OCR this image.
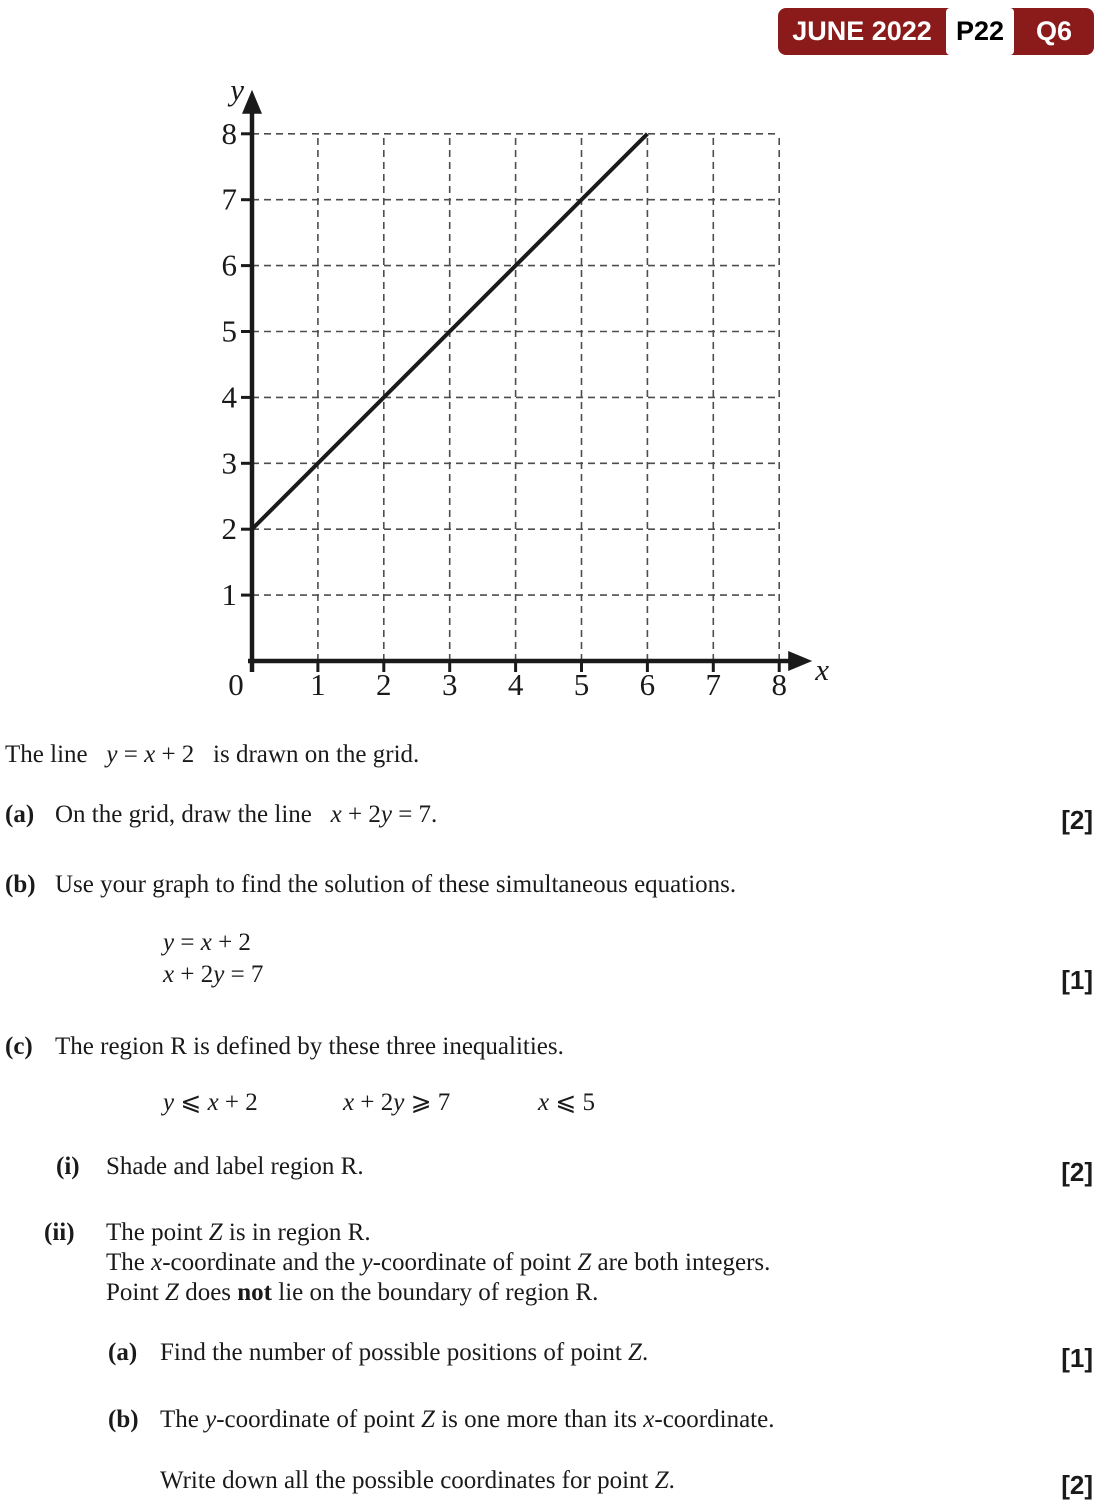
JUNE 2022 P22	Q6
1 2 3 4 5 6 7 8
1
2
3
4
5
6
7
8
0	x
y
The line   y = x + 2   is drawn on the grid.
(a) On the grid, draw the line   x + 2y = 7.	[2]
(b) Use your graph to find the solution of these simultaneous equations.
y = x + 2
x + 2y = 7	[1]
(c) The region R is defined by these three inequalities.
y ⩽ x + 2	x + 2y ⩾ 7	x ⩽ 5
(i) Shade and label region R.	[2]
(ii) The point Z is in region R.
The x-coordinate and the y-coordinate of point Z are both integers.
Point Z does not lie on the boundary of region R.
(a) Find the number of possible positions of point Z.	[1]
(b) The y-coordinate of point Z is one more than its x-coordinate.
Write down all the possible coordinates for point Z.	[2]
